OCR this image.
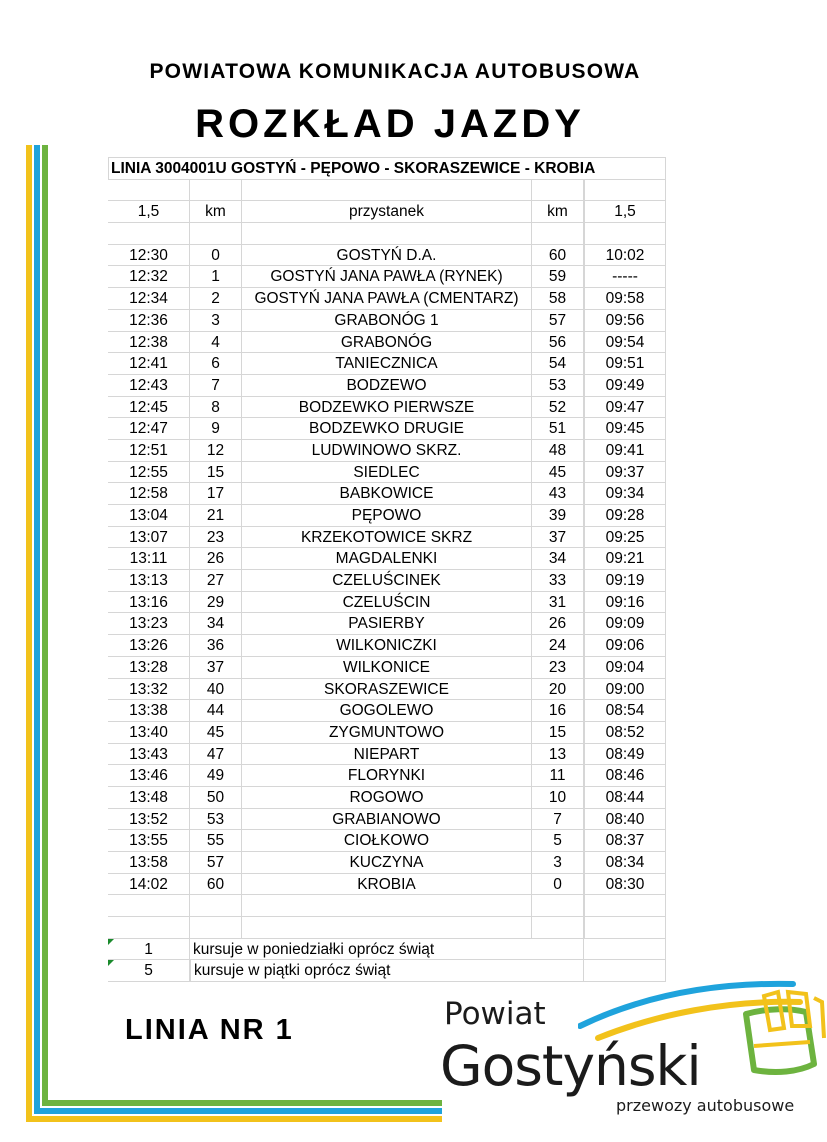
POWIATOWA KOMUNIKACJA AUTOBUSOWA
ROZKŁAD JAZDY
LINIA 3004001U GOSTYŃ - PĘPOWO - SKORASZEWICE - KROBIA
1,5	km	przystanek	km	1,5
12:30	0	GOSTYŃ D.A.	60	10:02
12:32	1	GOSTYŃ JANA PAWŁA (RYNEK)	59	-----
12:34	2	GOSTYŃ JANA PAWŁA (CMENTARZ)	58	09:58
12:36	3	GRABONÓG 1	57	09:56
12:38	4	GRABONÓG	56	09:54
12:41	6	TANIECZNICA	54	09:51
12:43	7	BODZEWO	53	09:49
12:45	8	BODZEWKO PIERWSZE	52	09:47
12:47	9	BODZEWKO DRUGIE	51	09:45
12:51	12	LUDWINOWO SKRZ.	48	09:41
12:55	15	SIEDLEC	45	09:37
12:58	17	BABKOWICE	43	09:34
13:04	21	PĘPOWO	39	09:28
13:07	23	KRZEKOTOWICE SKRZ	37	09:25
13:11	26	MAGDALENKI	34	09:21
13:13	27	CZELUŚCINEK	33	09:19
13:16	29	CZELUŚCIN	31	09:16
13:23	34	PASIERBY	26	09:09
13:26	36	WILKONICZKI	24	09:06
13:28	37	WILKONICE	23	09:04
13:32	40	SKORASZEWICE	20	09:00
13:38	44	GOGOLEWO	16	08:54
13:40	45	ZYGMUNTOWO	15	08:52
13:43	47	NIEPART	13	08:49
13:46	49	FLORYNKI	11	08:46
13:48	50	ROGOWO	10	08:44
13:52	53	GRABIANOWO	7	08:40
13:55	55	CIOŁKOWO	5	08:37
13:58	57	KUCZYNA	3	08:34
14:02	60	KROBIA	0	08:30
1	kursuje w poniedziałki oprócz świąt
5	kursuje w piątki oprócz świąt
LINIA NR 1	Powiat
Gostyński
przewozy autobusowe
